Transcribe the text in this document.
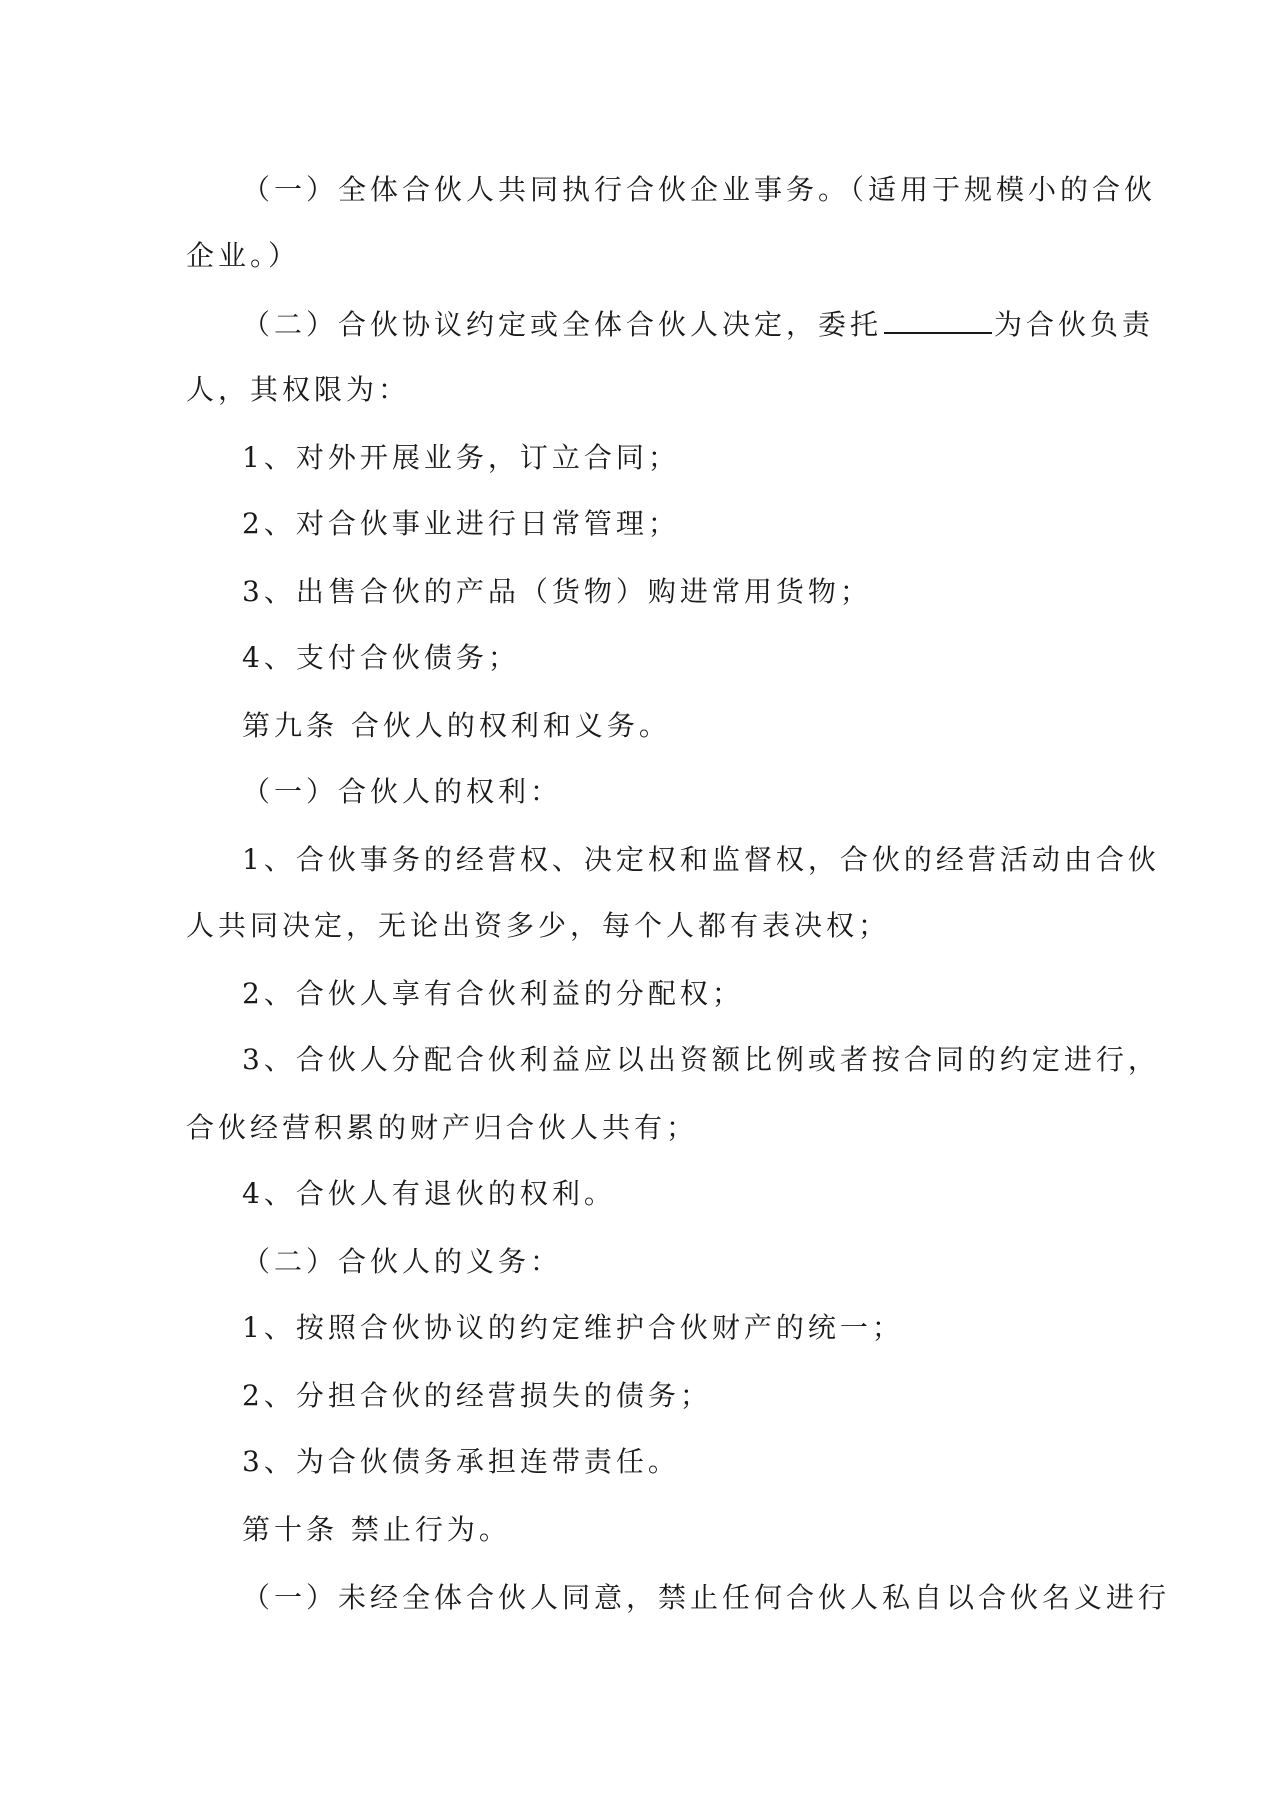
（一）全体合伙人共同执行合伙企业事务。（适用于规模小的合伙
企业。）
（二）合伙协议约定或全体合伙人决定，委托	为合伙负责
人，其权限为：
1、对外开展业务，订立合同；
2、对合伙事业进行日常管理；
3、出售合伙的产品（货物）购进常用货物；
4、支付合伙债务；
第九条 合伙人的权利和义务。
（一）合伙人的权利：
1、合伙事务的经营权、决定权和监督权，合伙的经营活动由合伙
人共同决定，无论出资多少，每个人都有表决权；
2、合伙人享有合伙利益的分配权；
3、合伙人分配合伙利益应以出资额比例或者按合同的约定进行，
合伙经营积累的财产归合伙人共有；
4、合伙人有退伙的权利。
（二）合伙人的义务：
1、按照合伙协议的约定维护合伙财产的统一；
2、分担合伙的经营损失的债务；
3、为合伙债务承担连带责任。
第十条 禁止行为。
（一）未经全体合伙人同意，禁止任何合伙人私自以合伙名义进行
